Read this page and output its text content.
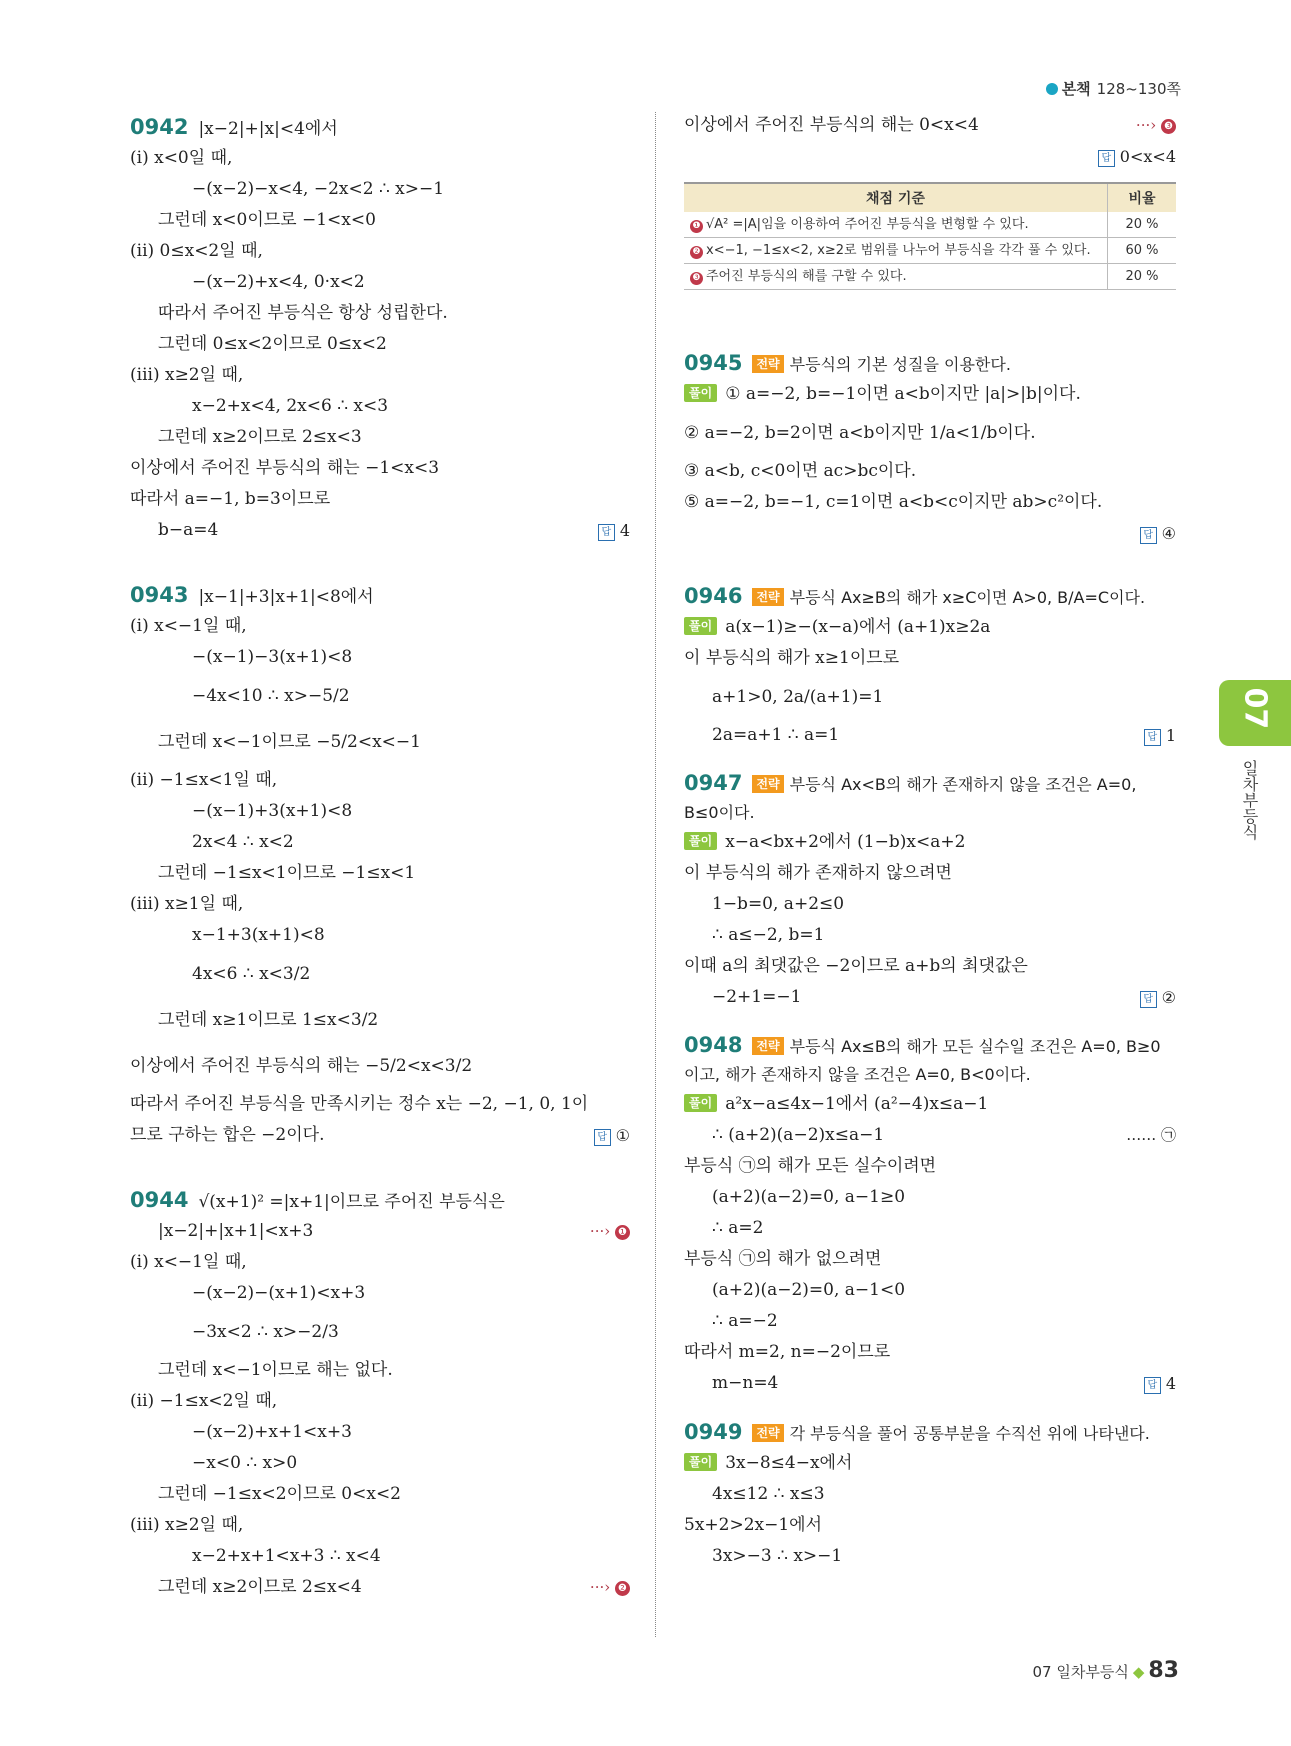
본책 128~130쪽
0942 |x−2|+|x|<4에서
(i) x<0일 때,
−(x−2)−x<4, −2x<2 ∴ x>−1
그런데 x<0이므로 −1<x<0
(ii) 0≤x<2일 때,
−(x−2)+x<4, 0·x<2
따라서 주어진 부등식은 항상 성립한다.
그런데 0≤x<2이므로 0≤x<2
(iii) x≥2일 때,
x−2+x<4, 2x<6 ∴ x<3
그런데 x≥2이므로 2≤x<3
이상에서 주어진 부등식의 해는 −1<x<3
따라서 a=−1, b=3이므로
b−a=4	답 4
0943 |x−1|+3|x+1|<8에서
(i) x<−1일 때,
−(x−1)−3(x+1)<8
−4x<10 ∴ x>−5/2
그런데 x<−1이므로 −5/2<x<−1
(ii) −1≤x<1일 때,
−(x−1)+3(x+1)<8
2x<4 ∴ x<2
그런데 −1≤x<1이므로 −1≤x<1
(iii) x≥1일 때,
x−1+3(x+1)<8
4x<6 ∴ x<3/2
그런데 x≥1이므로 1≤x<3/2
이상에서 주어진 부등식의 해는 −5/2<x<3/2
따라서 주어진 부등식을 만족시키는 정수 x는 −2, −1, 0, 1이
므로 구하는 합은 −2이다.	답 ①
0944 √(x+1)² =|x+1|이므로 주어진 부등식은
|x−2|+|x+1|<x+3	···› ❶
(i) x<−1일 때,
−(x−2)−(x+1)<x+3
−3x<2 ∴ x>−2/3
그런데 x<−1이므로 해는 없다.
(ii) −1≤x<2일 때,
−(x−2)+x+1<x+3
−x<0 ∴ x>0
그런데 −1≤x<2이므로 0<x<2
(iii) x≥2일 때,
x−2+x+1<x+3 ∴ x<4
그런데 x≥2이므로 2≤x<4	···› ❷
이상에서 주어진 부등식의 해는 0<x<4	···› ❸
답 0<x<4
채점 기준	비율
❶ √A² =|A|임을 이용하여 주어진 부등식을 변형할 수 있다.	20 %
❷ x<−1, −1≤x<2, x≥2로 범위를 나누어 부등식을 각각 풀 수 있다.	60 %
❸ 주어진 부등식의 해를 구할 수 있다.	20 %
0945 전략 부등식의 기본 성질을 이용한다.
풀이 ① a=−2, b=−1이면 a<b이지만 |a|>|b|이다.
② a=−2, b=2이면 a<b이지만 1/a<1/b이다.
③ a<b, c<0이면 ac>bc이다.
⑤ a=−2, b=−1, c=1이면 a<b<c이지만 ab>c²이다.
답 ④
0946 전략 부등식 Ax≥B의 해가 x≥C이면 A>0, B/A=C이다.
풀이 a(x−1)≥−(x−a)에서 (a+1)x≥2a
이 부등식의 해가 x≥1이므로
a+1>0, 2a/(a+1)=1
2a=a+1 ∴ a=1	답 1
0947 전략 부등식 Ax<B의 해가 존재하지 않을 조건은 A=0, B≤0이다.
풀이 x−a<bx+2에서 (1−b)x<a+2
이 부등식의 해가 존재하지 않으려면
1−b=0, a+2≤0
∴ a≤−2, b=1
이때 a의 최댓값은 −2이므로 a+b의 최댓값은
−2+1=−1	답 ②
0948 전략 부등식 Ax≤B의 해가 모든 실수일 조건은 A=0, B≥0이고, 해가 존재하지 않을 조건은 A=0, B<0이다.
풀이 a²x−a≤4x−1에서 (a²−4)x≤a−1
∴ (a+2)(a−2)x≤a−1	…… ㉠
부등식 ㉠의 해가 모든 실수이려면
(a+2)(a−2)=0, a−1≥0
∴ a=2
부등식 ㉠의 해가 없으려면
(a+2)(a−2)=0, a−1<0
∴ a=−2
따라서 m=2, n=−2이므로
m−n=4	답 4
0949 전략 각 부등식을 풀어 공통부분을 수직선 위에 나타낸다.
풀이 3x−8≤4−x에서
4x≤12 ∴ x≤3
5x+2>2x−1에서
3x>−3 ∴ x>−1
07
일차부등식
07 일차부등식 ◆ 83
